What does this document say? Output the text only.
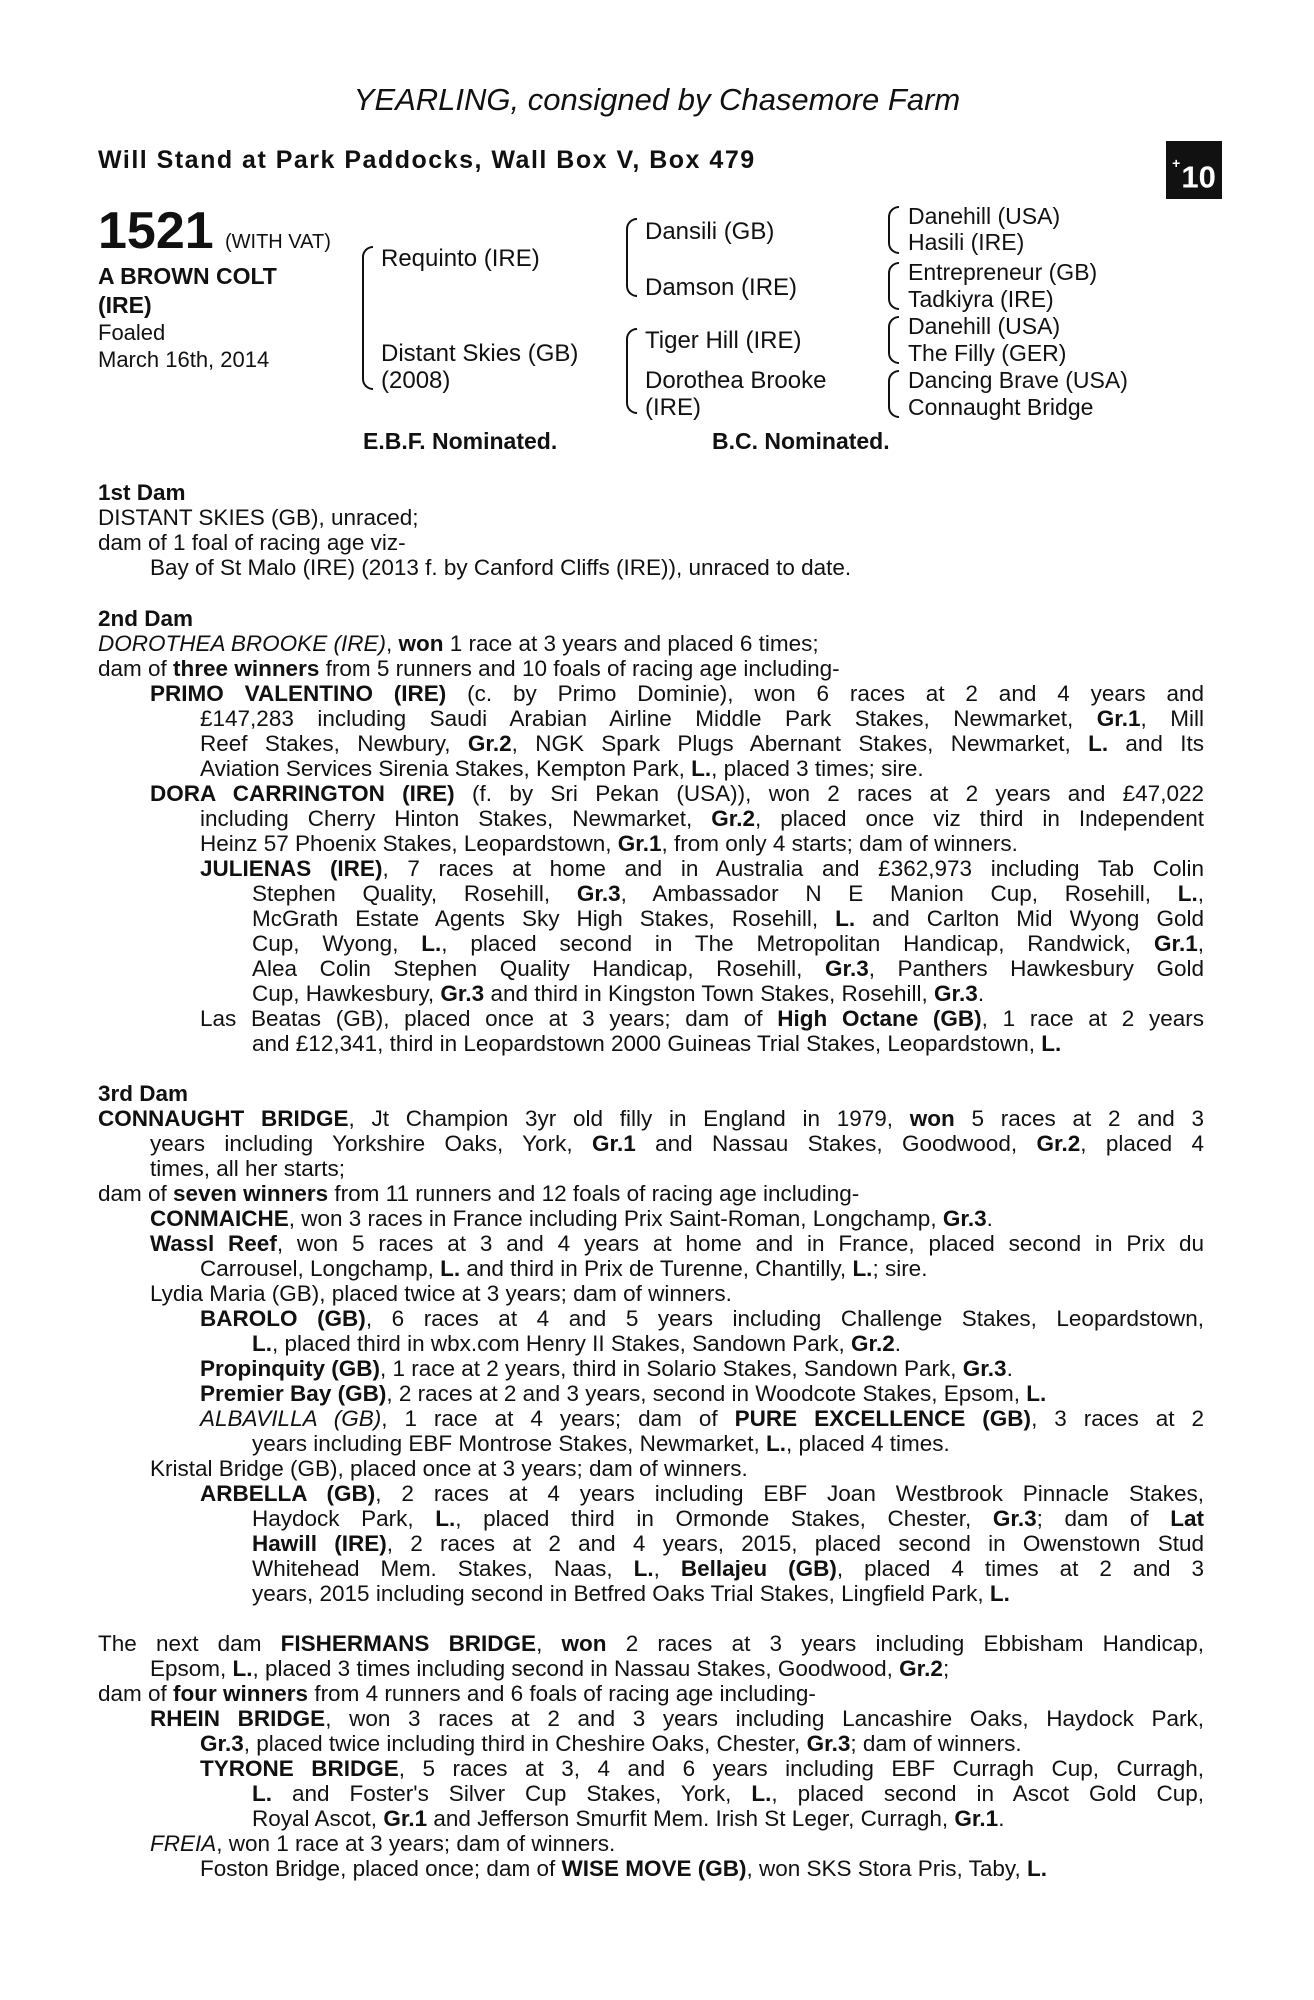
YEARLING, consigned by Chasemore Farm
Will Stand at Park Paddocks, Wall Box V, Box 479	+10
1521 (WITH VAT)
A BROWN COLT
(IRE)
Foaled
March 16th, 2014
Requinto (IRE)
Distant Skies (GB)
(2008)
Dansili (GB)
Damson (IRE)
Tiger Hill (IRE)
Dorothea Brooke
(IRE)
Danehill (USA)
Hasili (IRE)
Entrepreneur (GB)
Tadkiyra (IRE)
Danehill (USA)
The Filly (GER)
Dancing Brave (USA)
Connaught Bridge
E.B.F. Nominated.	B.C. Nominated.
1st Dam
DISTANT SKIES (GB), unraced;
dam of 1 foal of racing age viz-
Bay of St Malo (IRE) (2013 f. by Canford Cliffs (IRE)), unraced to date.
2nd Dam
DOROTHEA BROOKE (IRE), won 1 race at 3 years and placed 6 times;
dam of three winners from 5 runners and 10 foals of racing age including-
PRIMO VALENTINO (IRE) (c. by Primo Dominie), won 6 races at 2 and 4 years and
£147,283 including Saudi Arabian Airline Middle Park Stakes, Newmarket, Gr.1, Mill
Reef Stakes, Newbury, Gr.2, NGK Spark Plugs Abernant Stakes, Newmarket, L. and Its
Aviation Services Sirenia Stakes, Kempton Park, L., placed 3 times; sire.
DORA CARRINGTON (IRE) (f. by Sri Pekan (USA)), won 2 races at 2 years and £47,022
including Cherry Hinton Stakes, Newmarket, Gr.2, placed once viz third in Independent
Heinz 57 Phoenix Stakes, Leopardstown, Gr.1, from only 4 starts; dam of winners.
JULIENAS (IRE), 7 races at home and in Australia and £362,973 including Tab Colin
Stephen Quality, Rosehill, Gr.3, Ambassador N E Manion Cup, Rosehill, L.,
McGrath Estate Agents Sky High Stakes, Rosehill, L. and Carlton Mid Wyong Gold
Cup, Wyong, L., placed second in The Metropolitan Handicap, Randwick, Gr.1,
Alea Colin Stephen Quality Handicap, Rosehill, Gr.3, Panthers Hawkesbury Gold
Cup, Hawkesbury, Gr.3 and third in Kingston Town Stakes, Rosehill, Gr.3.
Las Beatas (GB), placed once at 3 years; dam of High Octane (GB), 1 race at 2 years
and £12,341, third in Leopardstown 2000 Guineas Trial Stakes, Leopardstown, L.
3rd Dam
CONNAUGHT BRIDGE, Jt Champion 3yr old filly in England in 1979, won 5 races at 2 and 3
years including Yorkshire Oaks, York, Gr.1 and Nassau Stakes, Goodwood, Gr.2, placed 4
times, all her starts;
dam of seven winners from 11 runners and 12 foals of racing age including-
CONMAICHE, won 3 races in France including Prix Saint-Roman, Longchamp, Gr.3.
Wassl Reef, won 5 races at 3 and 4 years at home and in France, placed second in Prix du
Carrousel, Longchamp, L. and third in Prix de Turenne, Chantilly, L.; sire.
Lydia Maria (GB), placed twice at 3 years; dam of winners.
BAROLO (GB), 6 races at 4 and 5 years including Challenge Stakes, Leopardstown,
L., placed third in wbx.com Henry II Stakes, Sandown Park, Gr.2.
Propinquity (GB), 1 race at 2 years, third in Solario Stakes, Sandown Park, Gr.3.
Premier Bay (GB), 2 races at 2 and 3 years, second in Woodcote Stakes, Epsom, L.
ALBAVILLA (GB), 1 race at 4 years; dam of PURE EXCELLENCE (GB), 3 races at 2
years including EBF Montrose Stakes, Newmarket, L., placed 4 times.
Kristal Bridge (GB), placed once at 3 years; dam of winners.
ARBELLA (GB), 2 races at 4 years including EBF Joan Westbrook Pinnacle Stakes,
Haydock Park, L., placed third in Ormonde Stakes, Chester, Gr.3; dam of Lat
Hawill (IRE), 2 races at 2 and 4 years, 2015, placed second in Owenstown Stud
Whitehead Mem. Stakes, Naas, L., Bellajeu (GB), placed 4 times at 2 and 3
years, 2015 including second in Betfred Oaks Trial Stakes, Lingfield Park, L.
The next dam FISHERMANS BRIDGE, won 2 races at 3 years including Ebbisham Handicap,
Epsom, L., placed 3 times including second in Nassau Stakes, Goodwood, Gr.2;
dam of four winners from 4 runners and 6 foals of racing age including-
RHEIN BRIDGE, won 3 races at 2 and 3 years including Lancashire Oaks, Haydock Park,
Gr.3, placed twice including third in Cheshire Oaks, Chester, Gr.3; dam of winners.
TYRONE BRIDGE, 5 races at 3, 4 and 6 years including EBF Curragh Cup, Curragh,
L. and Foster's Silver Cup Stakes, York, L., placed second in Ascot Gold Cup,
Royal Ascot, Gr.1 and Jefferson Smurfit Mem. Irish St Leger, Curragh, Gr.1.
FREIA, won 1 race at 3 years; dam of winners.
Foston Bridge, placed once; dam of WISE MOVE (GB), won SKS Stora Pris, Taby, L.
